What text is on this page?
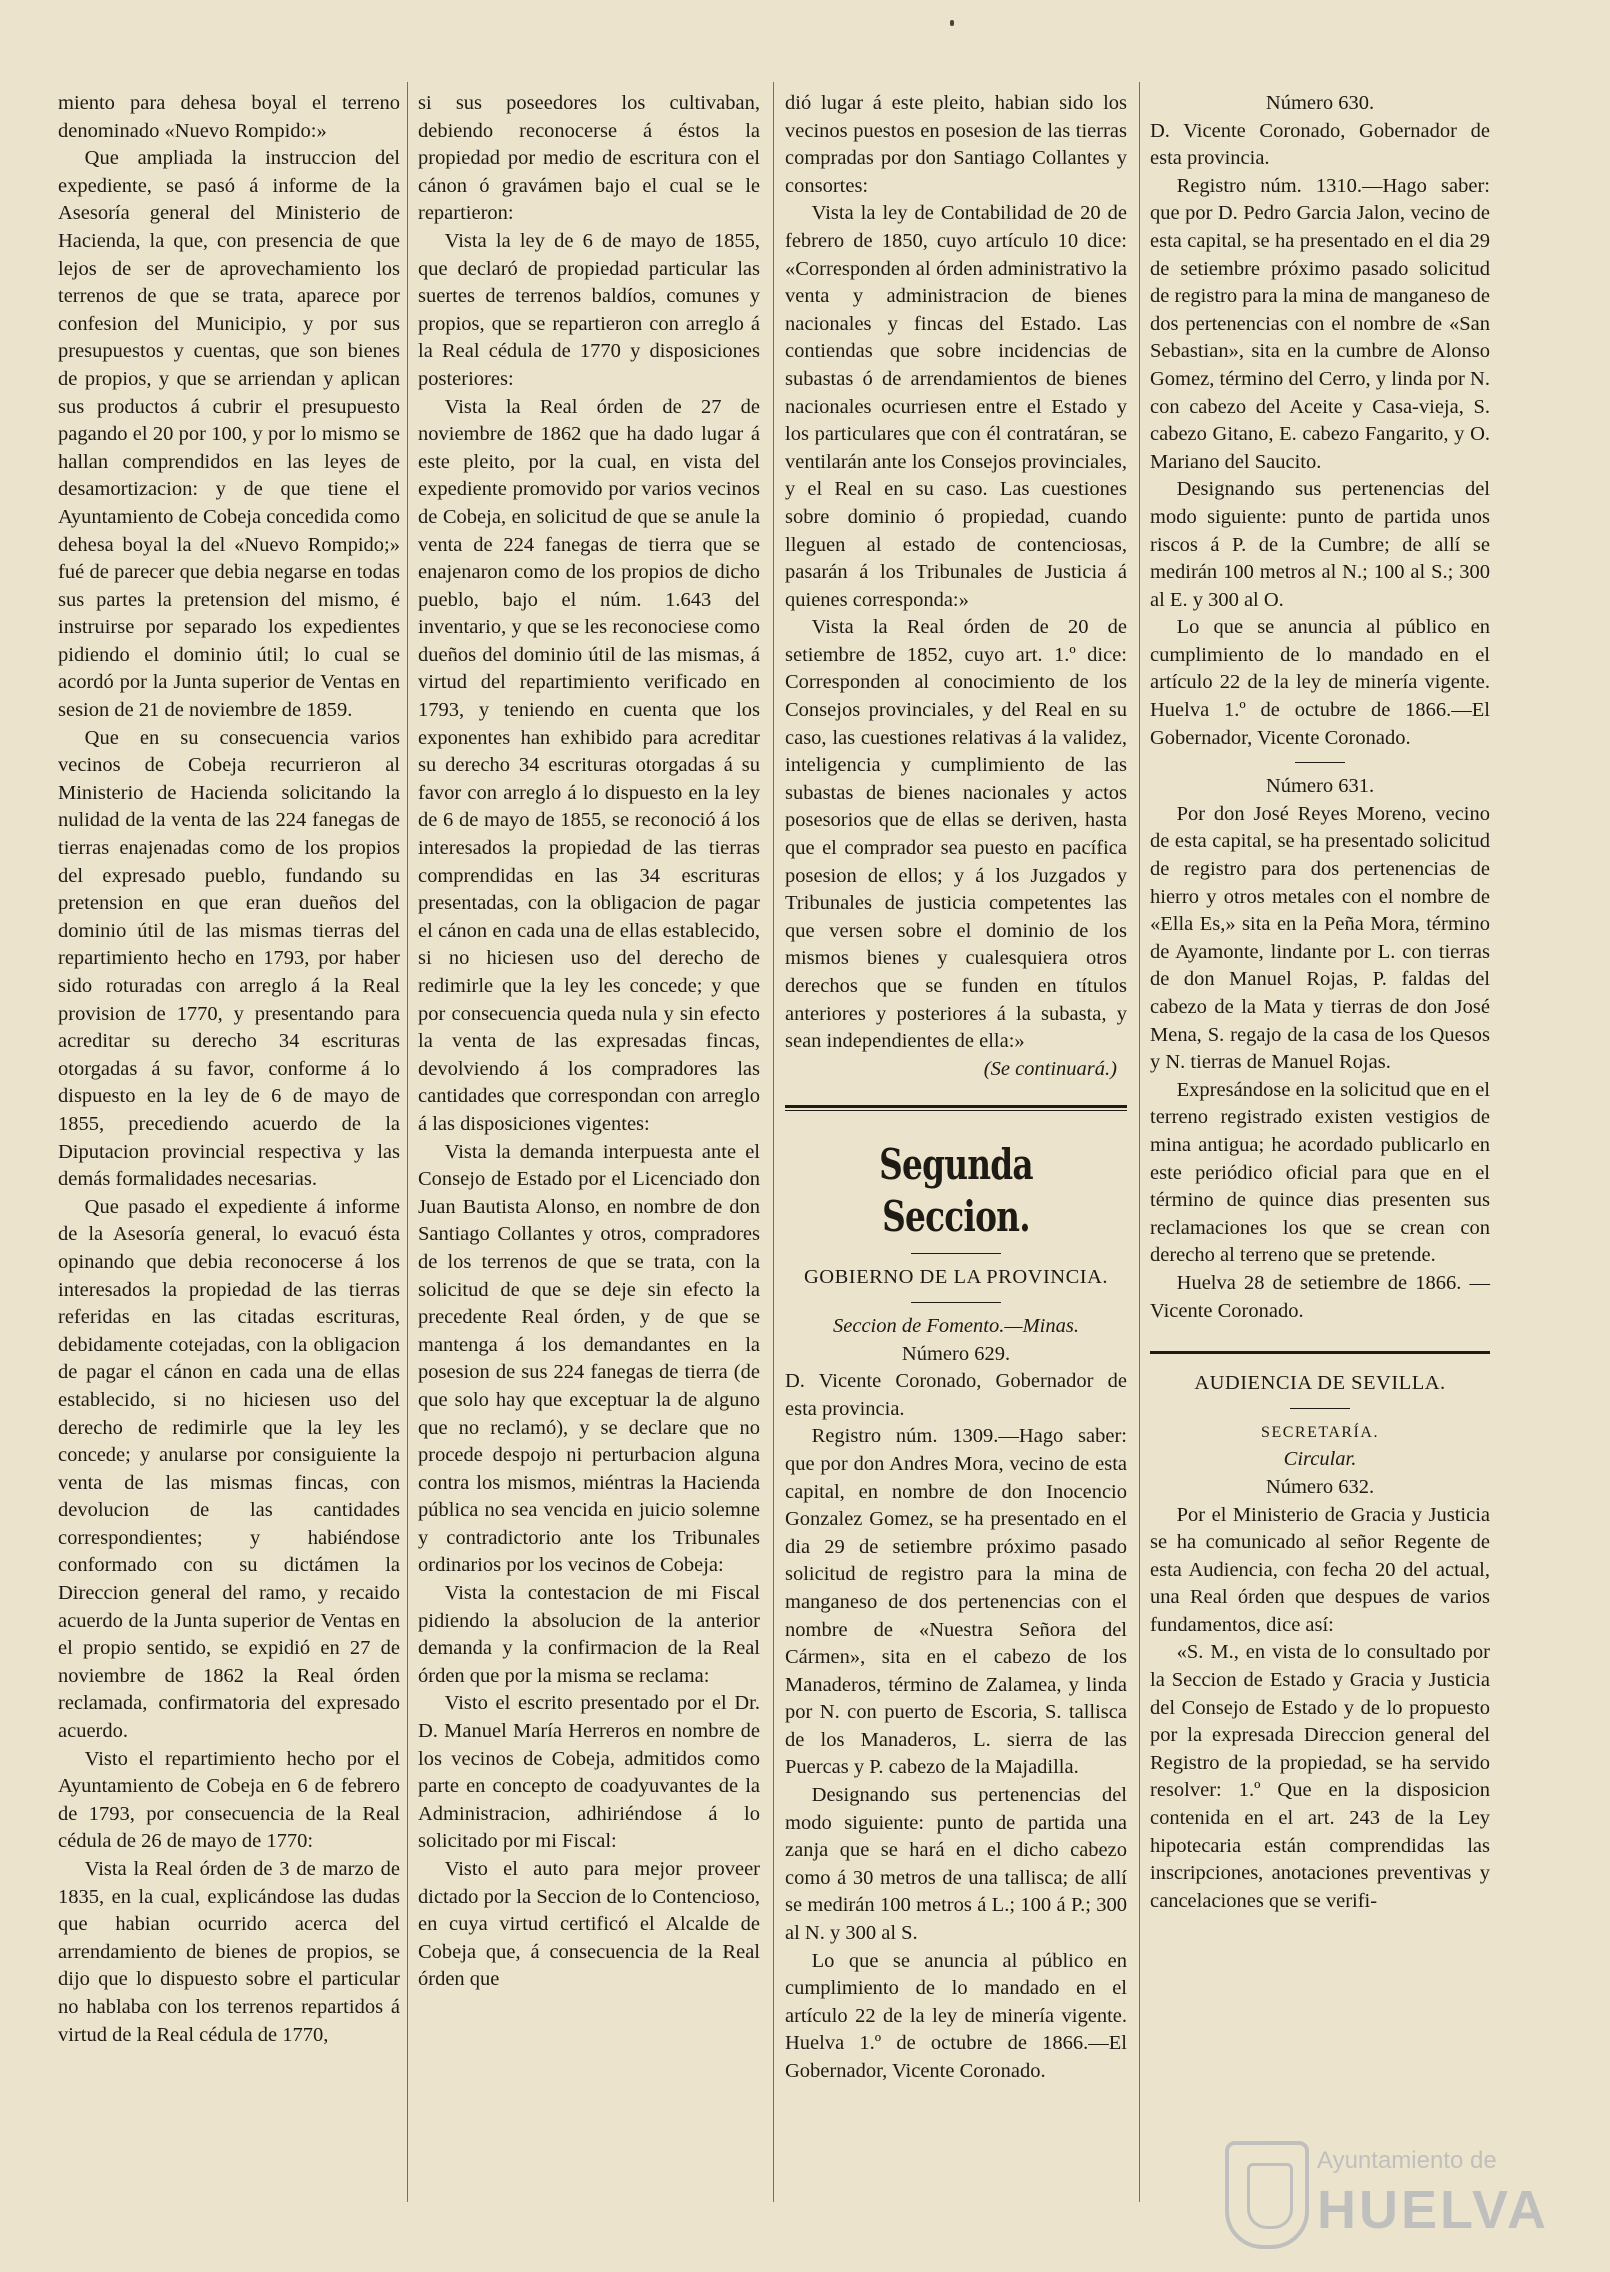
miento para dehesa boyal el terreno denominado «Nuevo Rompido:»

Que ampliada la instruccion del expediente, se pasó á informe de la Asesoría general del Ministerio de Hacienda, la que, con presencia de que lejos de ser de aprovechamiento los terrenos de que se trata, aparece por confesion del Municipio, y por sus presupuestos y cuentas, que son bienes de propios, y que se arriendan y aplican sus productos á cubrir el presupuesto pagando el 20 por 100, y por lo mismo se hallan comprendidos en las leyes de desamortizacion: y de que tiene el Ayuntamiento de Cobeja concedida como dehesa boyal la del «Nuevo Rompido;» fué de parecer que debia negarse en todas sus partes la pretension del mismo, é instruirse por separado los expedientes pidiendo el dominio útil; lo cual se acordó por la Junta superior de Ventas en sesion de 21 de noviembre de 1859.

Que en su consecuencia varios vecinos de Cobeja recurrieron al Ministerio de Hacienda solicitando la nulidad de la venta de las 224 fanegas de tierras enajenadas como de los propios del expresado pueblo, fundando su pretension en que eran dueños del dominio útil de las mismas tierras del repartimiento hecho en 1793, por haber sido roturadas con arreglo á la Real provision de 1770, y presentando para acreditar su derecho 34 escrituras otorgadas á su favor, conforme á lo dispuesto en la ley de 6 de mayo de 1855, precediendo acuerdo de la Diputacion provincial respectiva y las demás formalidades necesarias.

Que pasado el expediente á informe de la Asesoría general, lo evacuó ésta opinando que debia reconocerse á los interesados la propiedad de las tierras referidas en las citadas escrituras, debidamente cotejadas, con la obligacion de pagar el cánon en cada una de ellas establecido, si no hiciesen uso del derecho de redimirle que la ley les concede; y anularse por consiguiente la venta de las mismas fincas, con devolucion de las cantidades correspondientes; y habiéndose conformado con su dictámen la Direccion general del ramo, y recaido acuerdo de la Junta superior de Ventas en el propio sentido, se expidió en 27 de noviembre de 1862 la Real órden reclamada, confirmatoria del expresado acuerdo.

Visto el repartimiento hecho por el Ayuntamiento de Cobeja en 6 de febrero de 1793, por consecuencia de la Real cédula de 26 de mayo de 1770:

Vista la Real órden de 3 de marzo de 1835, en la cual, explicándose las dudas que habian ocurrido acerca del arrendamiento de bienes de propios, se dijo que lo dispuesto sobre el particular no hablaba con los terrenos repartidos á virtud de la Real cédula de 1770,

si sus poseedores los cultivaban, debiendo reconocerse á éstos la propiedad por medio de escritura con el cánon ó gravámen bajo el cual se le repartieron:

Vista la ley de 6 de mayo de 1855, que declaró de propiedad particular las suertes de terrenos baldíos, comunes y propios, que se repartieron con arreglo á la Real cédula de 1770 y disposiciones posteriores:

Vista la Real órden de 27 de noviembre de 1862 que ha dado lugar á este pleito, por la cual, en vista del expediente promovido por varios vecinos de Cobeja, en solicitud de que se anule la venta de 224 fanegas de tierra que se enajenaron como de los propios de dicho pueblo, bajo el núm. 1.643 del inventario, y que se les reconociese como dueños del dominio útil de las mismas, á virtud del repartimiento verificado en 1793, y teniendo en cuenta que los exponentes han exhibido para acreditar su derecho 34 escrituras otorgadas á su favor con arreglo á lo dispuesto en la ley de 6 de mayo de 1855, se reconoció á los interesados la propiedad de las tierras comprendidas en las 34 escrituras presentadas, con la obligacion de pagar el cánon en cada una de ellas establecido, si no hiciesen uso del derecho de redimirle que la ley les concede; y que por consecuencia queda nula y sin efecto la venta de las expresadas fincas, devolviendo á los compradores las cantidades que correspondan con arreglo á las disposiciones vigentes:

Vista la demanda interpuesta ante el Consejo de Estado por el Licenciado don Juan Bautista Alonso, en nombre de don Santiago Collantes y otros, compradores de los terrenos de que se trata, con la solicitud de que se deje sin efecto la precedente Real órden, y de que se mantenga á los demandantes en la posesion de sus 224 fanegas de tierra (de que solo hay que exceptuar la de alguno que no reclamó), y se declare que no procede despojo ni perturbacion alguna contra los mismos, miéntras la Hacienda pública no sea vencida en juicio solemne y contradictorio ante los Tribunales ordinarios por los vecinos de Cobeja:

Vista la contestacion de mi Fiscal pidiendo la absolucion de la anterior demanda y la confirmacion de la Real órden que por la misma se reclama:

Visto el escrito presentado por el Dr. D. Manuel María Herreros en nombre de los vecinos de Cobeja, admitidos como parte en concepto de coadyuvantes de la Administracion, adhiriéndose á lo solicitado por mi Fiscal:

Visto el auto para mejor proveer dictado por la Seccion de lo Contencioso, en cuya virtud certificó el Alcalde de Cobeja que, á consecuencia de la Real órden que

dió lugar á este pleito, habian sido los vecinos puestos en posesion de las tierras compradas por don Santiago Collantes y consortes:

Vista la ley de Contabilidad de 20 de febrero de 1850, cuyo artículo 10 dice: «Corresponden al órden administrativo la venta y administracion de bienes nacionales y fincas del Estado. Las contiendas que sobre incidencias de subastas ó de arrendamientos de bienes nacionales ocurriesen entre el Estado y los particulares que con él contratáran, se ventilarán ante los Consejos provinciales, y el Real en su caso. Las cuestiones sobre dominio ó propiedad, cuando lleguen al estado de contenciosas, pasarán á los Tribunales de Justicia á quienes corresponda:»

Vista la Real órden de 20 de setiembre de 1852, cuyo art. 1.º dice: Corresponden al conocimiento de los Consejos provinciales, y del Real en su caso, las cuestiones relativas á la validez, inteligencia y cumplimiento de las subastas de bienes nacionales y actos posesorios que de ellas se deriven, hasta que el comprador sea puesto en pacífica posesion de ellos; y á los Juzgados y Tribunales de justicia competentes las que versen sobre el dominio de los mismos bienes y cualesquiera otros derechos que se funden en títulos anteriores y posteriores á la subasta, y sean independientes de ella:»

(Se continuará.)

Segunda Seccion.

GOBIERNO DE LA PROVINCIA.

Seccion de Fomento.—Minas.

Número 629.

D. Vicente Coronado, Gobernador de esta provincia.

Registro núm. 1309.—Hago saber: que por don Andres Mora, vecino de esta capital, en nombre de don Inocencio Gonzalez Gomez, se ha presentado en el dia 29 de setiembre próximo pasado solicitud de registro para la mina de manganeso de dos pertenencias con el nombre de «Nuestra Señora del Cármen», sita en el cabezo de los Manaderos, término de Zalamea, y linda por N. con puerto de Escoria, S. tallisca de los Manaderos, L. sierra de las Puercas y P. cabezo de la Majadilla.

Designando sus pertenencias del modo siguiente: punto de partida una zanja que se hará en el dicho cabezo como á 30 metros de una tallisca; de allí se medirán 100 metros á L.; 100 á P.; 300 al N. y 300 al S.

Lo que se anuncia al público en cumplimiento de lo mandado en el artículo 22 de la ley de minería vigente. Huelva 1.º de octubre de 1866.—El Gobernador, Vicente Coronado.

Número 630.

D. Vicente Coronado, Gobernador de esta provincia.

Registro núm. 1310.—Hago saber: que por D. Pedro Garcia Jalon, vecino de esta capital, se ha presentado en el dia 29 de setiembre próximo pasado solicitud de registro para la mina de manganeso de dos pertenencias con el nombre de «San Sebastian», sita en la cumbre de Alonso Gomez, término del Cerro, y linda por N. con cabezo del Aceite y Casa-vieja, S. cabezo Gitano, E. cabezo Fangarito, y O. Mariano del Saucito.

Designando sus pertenencias del modo siguiente: punto de partida unos riscos á P. de la Cumbre; de allí se medirán 100 metros al N.; 100 al S.; 300 al E. y 300 al O.

Lo que se anuncia al público en cumplimiento de lo mandado en el artículo 22 de la ley de minería vigente. Huelva 1.º de octubre de 1866.—El Gobernador, Vicente Coronado.

Número 631.

Por don José Reyes Moreno, vecino de esta capital, se ha presentado solicitud de registro para dos pertenencias de hierro y otros metales con el nombre de «Ella Es,» sita en la Peña Mora, término de Ayamonte, lindante por L. con tierras de don Manuel Rojas, P. faldas del cabezo de la Mata y tierras de don José Mena, S. regajo de la casa de los Quesos y N. tierras de Manuel Rojas.

Expresándose en la solicitud que en el terreno registrado existen vestigios de mina antigua; he acordado publicarlo en este periódico oficial para que en el término de quince dias presenten sus reclamaciones los que se crean con derecho al terreno que se pretende.

Huelva 28 de setiembre de 1866. —Vicente Coronado.

AUDIENCIA DE SEVILLA.

SECRETARÍA.

Circular.

Número 632.

Por el Ministerio de Gracia y Justicia se ha comunicado al señor Regente de esta Audiencia, con fecha 20 del actual, una Real órden que despues de varios fundamentos, dice así:

«S. M., en vista de lo consultado por la Seccion de Estado y Gracia y Justicia del Consejo de Estado y de lo propuesto por la expresada Direccion general del Registro de la propiedad, se ha servido resolver: 1.º Que en la disposicion contenida en el art. 243 de la Ley hipotecaria están comprendidas las inscripciones, anotaciones preventivas y cancelaciones que se verifi-

Ayuntamiento de
HUELVA
